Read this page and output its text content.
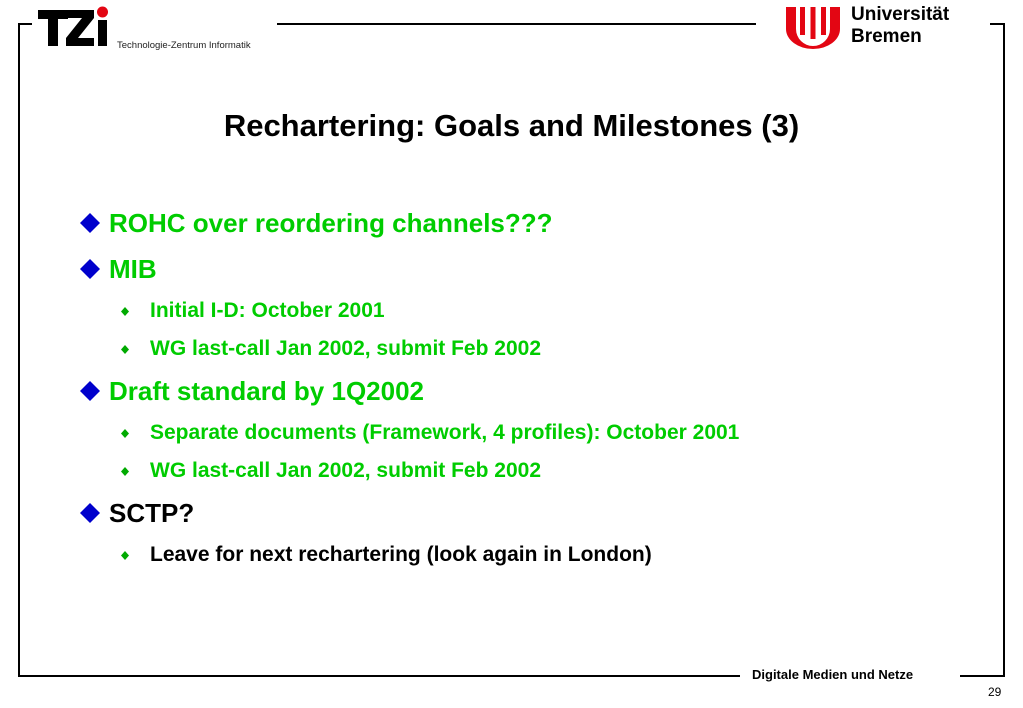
Technologie-Zentrum Informatik
Universität
Bremen
Rechartering: Goals and Milestones (3)
ROHC over reordering channels???
MIB
Initial I-D: October 2001
WG last-call Jan 2002, submit Feb 2002
Draft standard by 1Q2002
Separate documents (Framework, 4 profiles): October 2001
WG last-call Jan 2002, submit Feb 2002
SCTP?
Leave for next rechartering (look again in London)
Digitale Medien und Netze
29
